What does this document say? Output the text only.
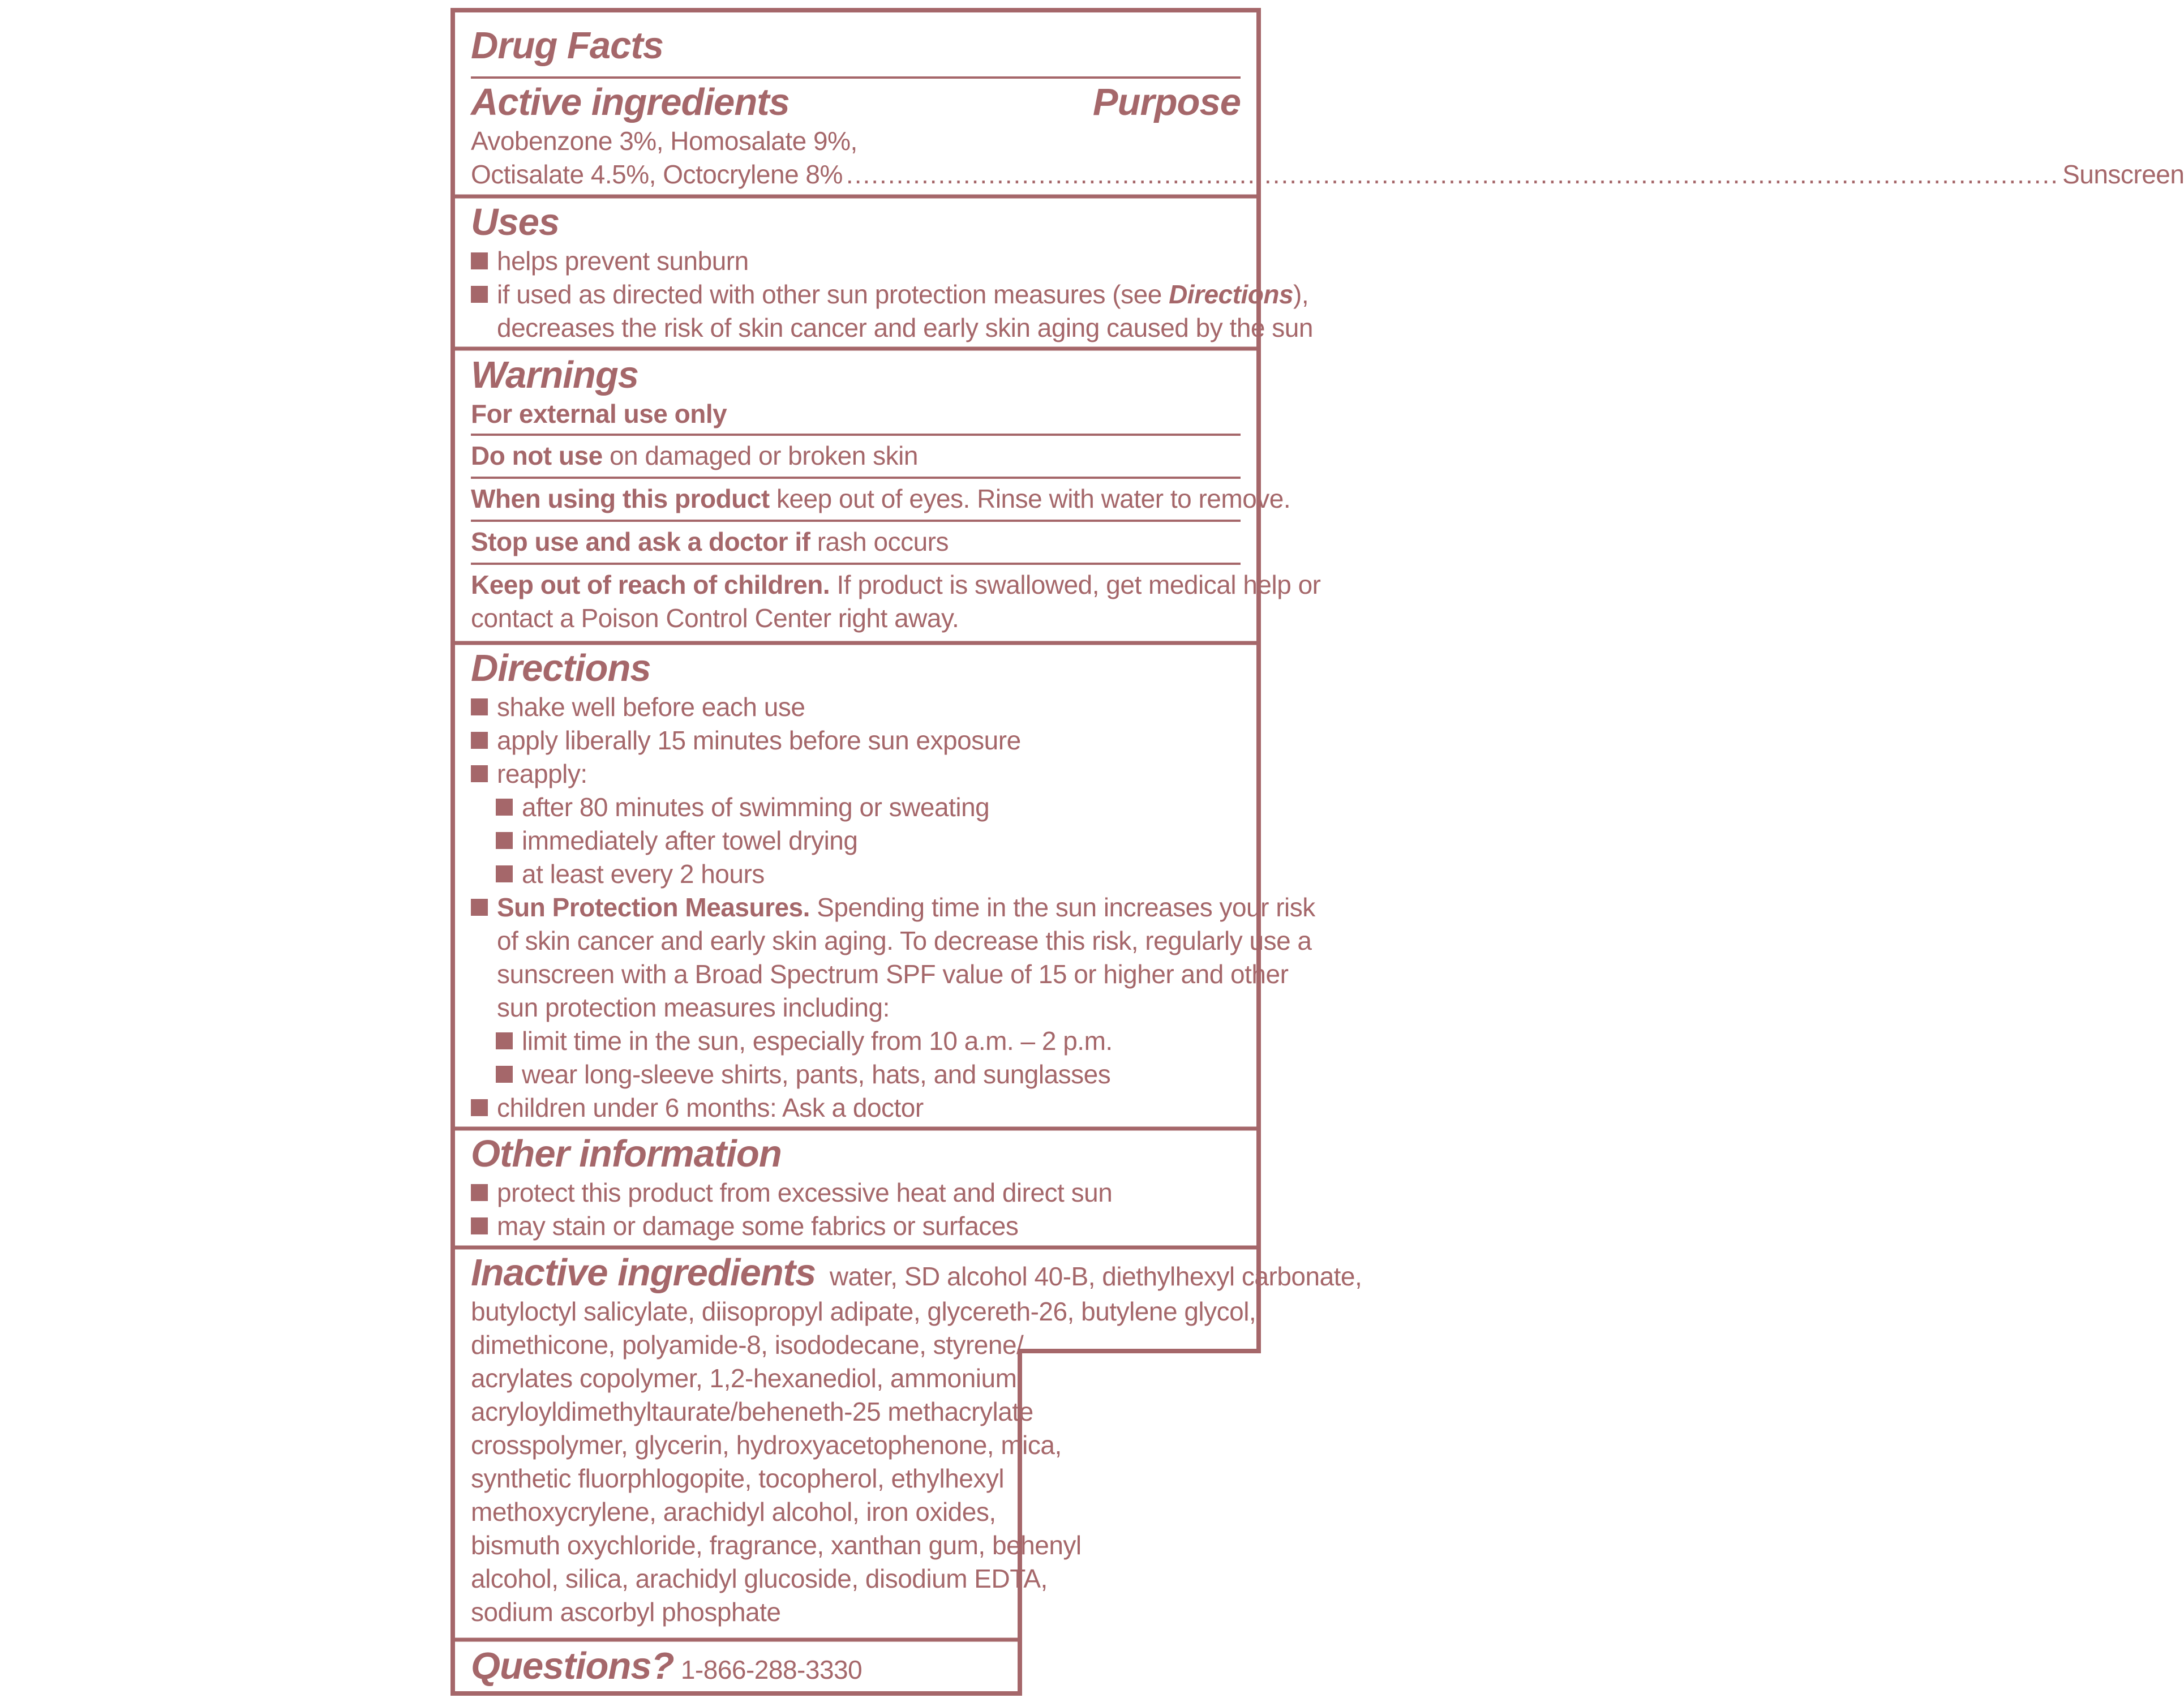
Drug Facts
Active ingredients	Purpose
Avobenzone 3%, Homosalate 9%,
Octisalate 4.5%, Octocrylene 8% ................................................................................................................................................. Sunscreen
Uses
helps prevent sunburn
if used as directed with other sun protection measures (see Directions),
decreases the risk of skin cancer and early skin aging caused by the sun
Warnings
For external use only
Do not use on damaged or broken skin
When using this product keep out of eyes. Rinse with water to remove.
Stop use and ask a doctor if rash occurs
Keep out of reach of children. If product is swallowed, get medical help or
contact a Poison Control Center right away.
Directions
shake well before each use
apply liberally 15 minutes before sun exposure
reapply:
after 80 minutes of swimming or sweating
immediately after towel drying
at least every 2 hours
Sun Protection Measures. Spending time in the sun increases your risk
of skin cancer and early skin aging. To decrease this risk, regularly use a
sunscreen with a Broad Spectrum SPF value of 15 or higher and other
sun protection measures including:
limit time in the sun, especially from 10 a.m. – 2 p.m.
wear long-sleeve shirts, pants, hats, and sunglasses
children under 6 months: Ask a doctor
Other information
protect this product from excessive heat and direct sun
may stain or damage some fabrics or surfaces
Inactive ingredients water, SD alcohol 40-B, diethylhexyl carbonate,
butyloctyl salicylate, diisopropyl adipate, glycereth-26, butylene glycol,
dimethicone, polyamide-8, isododecane, styrene/
acrylates copolymer, 1,2-hexanediol, ammonium
acryloyldimethyltaurate/beheneth-25 methacrylate
crosspolymer, glycerin, hydroxyacetophenone, mica,
synthetic fluorphlogopite, tocopherol, ethylhexyl
methoxycrylene, arachidyl alcohol, iron oxides,
bismuth oxychloride, fragrance, xanthan gum, behenyl
alcohol, silica, arachidyl glucoside, disodium EDTA,
sodium ascorbyl phosphate
Questions? 1-866-288-3330
